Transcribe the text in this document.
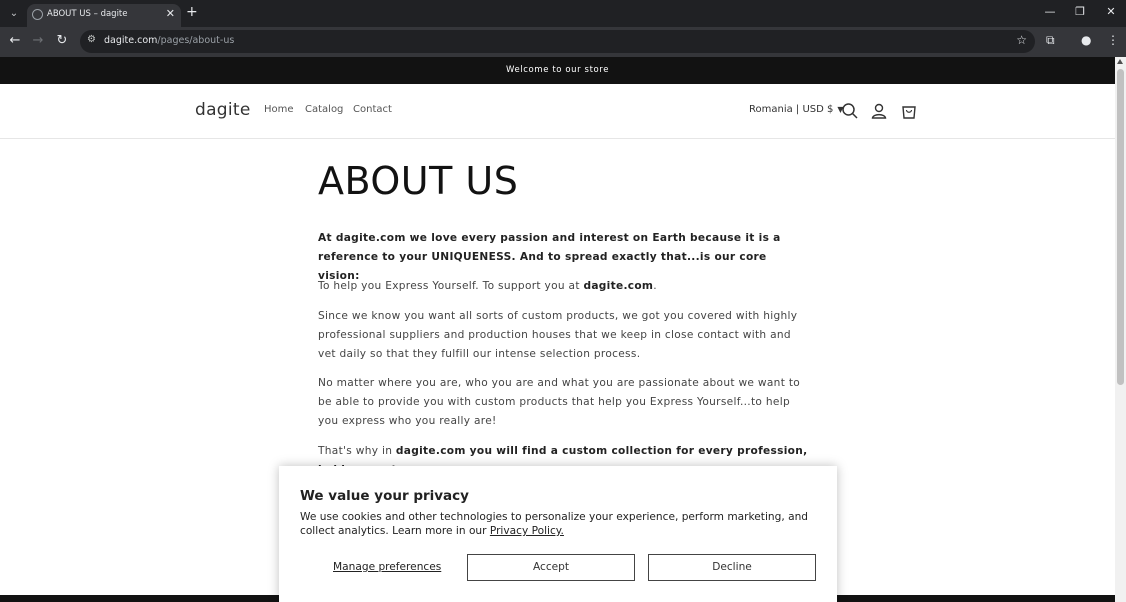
⌄	ABOUT US – dagite	✕ +	— ❐ ✕
← → ↻ ⚙ dagite.com/pages/about-us	☆ ⧉ ● ⋮
Welcome to our store
dagite Home Catalog Contact	Romania | USD $ ▼
ABOUT US

At dagite.com we love every passion and interest on Earth because it is a reference to your UNIQUENESS. And to spread exactly that...is our core vision:

To help you Express Yourself. To support you at dagite.com.

Since we know you want all sorts of custom products, we got you covered with highly professional suppliers and production houses that we keep in close contact with and vet daily so that they fulfill our intense selection process.

No matter where you are, who you are and what you are passionate about we want to be able to provide you with custom products that help you Express Yourself...to help you express who you really are!

That's why in dagite.com you will find a custom collection for every profession,

We value your privacy
We use cookies and other technologies to personalize your experience, perform marketing, and collect analytics. Learn more in our Privacy Policy.
Manage preferences	Accept	Decline
